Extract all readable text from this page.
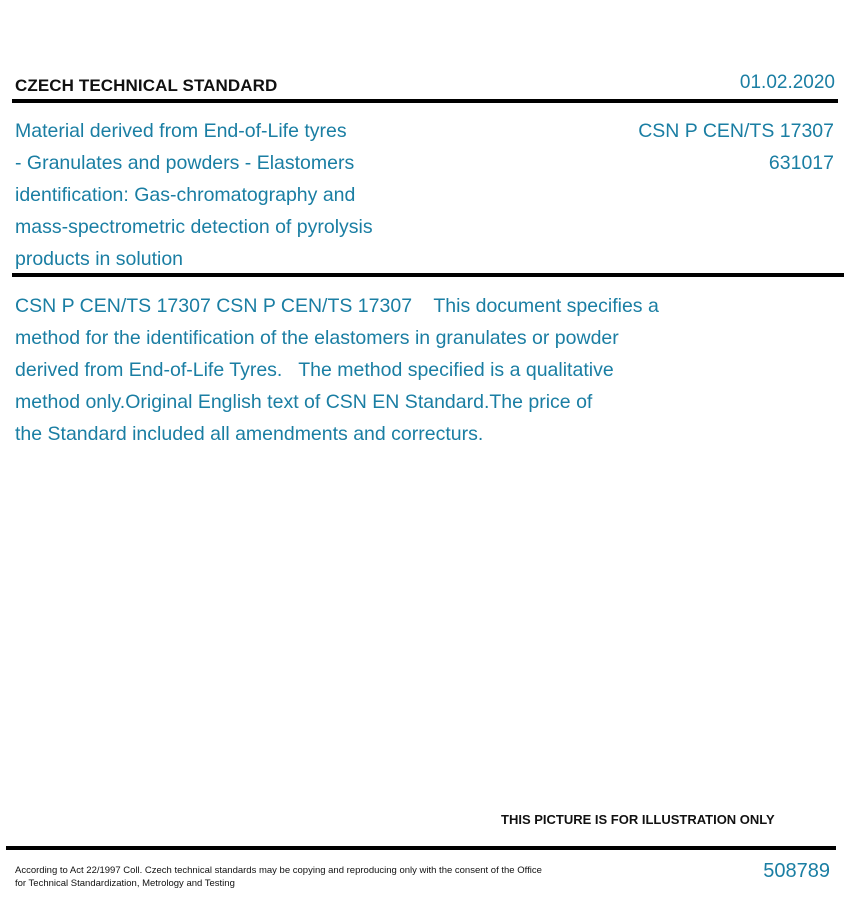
CZECH TECHNICAL STANDARD	01.02.2020
Material derived from End-of-Life tyres
- Granulates and powders - Elastomers
identification: Gas-chromatography and
mass-spectrometric detection of pyrolysis
products in solution
CSN P CEN/TS 17307
631017
CSN P CEN/TS 17307 CSN P CEN/TS 17307    This document specifies a
method for the identification of the elastomers in granulates or powder
derived from End-of-Life Tyres.   The method specified is a qualitative
method only.Original English text of CSN EN Standard.The price of
the Standard included all amendments and correcturs.
THIS PICTURE IS FOR ILLUSTRATION ONLY
According to Act 22/1997 Coll. Czech technical standards may be copying and reproducing only with the consent of the Office
for Technical Standardization, Metrology and Testing
508789
